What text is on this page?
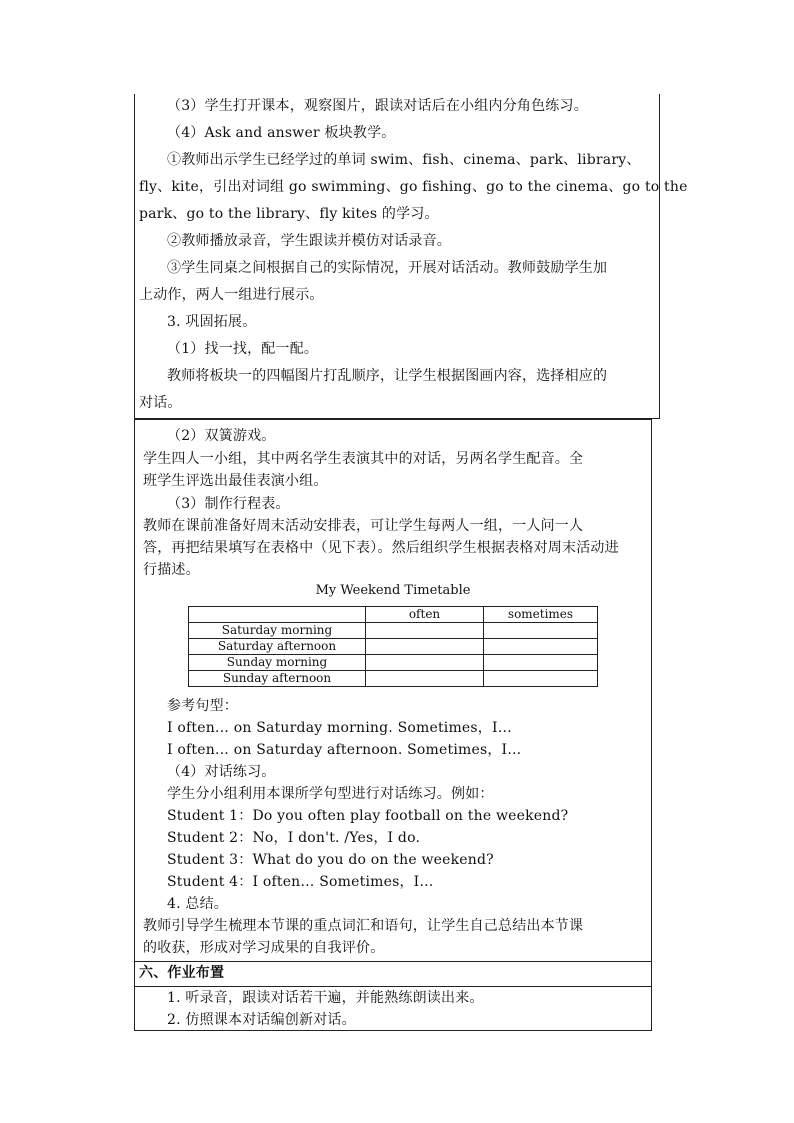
（3）学生打开课本，观察图片，跟读对话后在小组内分角色练习。
（4）Ask and answer 板块教学。
①教师出示学生已经学过的单词 swim、fish、cinema、park、library、
fly、kite，引出对词组 go swimming、go fishing、go to the cinema、go to the
park、go to the library、fly kites 的学习。
②教师播放录音，学生跟读并模仿对话录音。
③学生同桌之间根据自己的实际情况，开展对话活动。教师鼓励学生加
上动作，两人一组进行展示。
3. 巩固拓展。
（1）找一找，配一配。
教师将板块一的四幅图片打乱顺序，让学生根据图画内容，选择相应的
对话。
（2）双簧游戏。
学生四人一小组，其中两名学生表演其中的对话，另两名学生配音。全
班学生评选出最佳表演小组。
（3）制作行程表。
教师在课前准备好周末活动安排表，可让学生每两人一组，一人问一人
答，再把结果填写在表格中（见下表）。然后组织学生根据表格对周末活动进
行描述。
My Weekend Timetable
	often	sometimes
Saturday morning		
Saturday afternoon		
Sunday morning		
Sunday afternoon		
参考句型：
I often… on Saturday morning. Sometimes，I…
I often… on Saturday afternoon. Sometimes，I…
（4）对话练习。
学生分小组利用本课所学句型进行对话练习。例如：
Student 1：Do you often play football on the weekend?
Student 2：No，I don't. /Yes，I do.
Student 3：What do you do on the weekend?
Student 4：I often… Sometimes，I…
4. 总结。
教师引导学生梳理本节课的重点词汇和语句，让学生自己总结出本节课
的收获，形成对学习成果的自我评价。
六、作业布置
1. 听录音，跟读对话若干遍，并能熟练朗读出来。
2. 仿照课本对话编创新对话。
